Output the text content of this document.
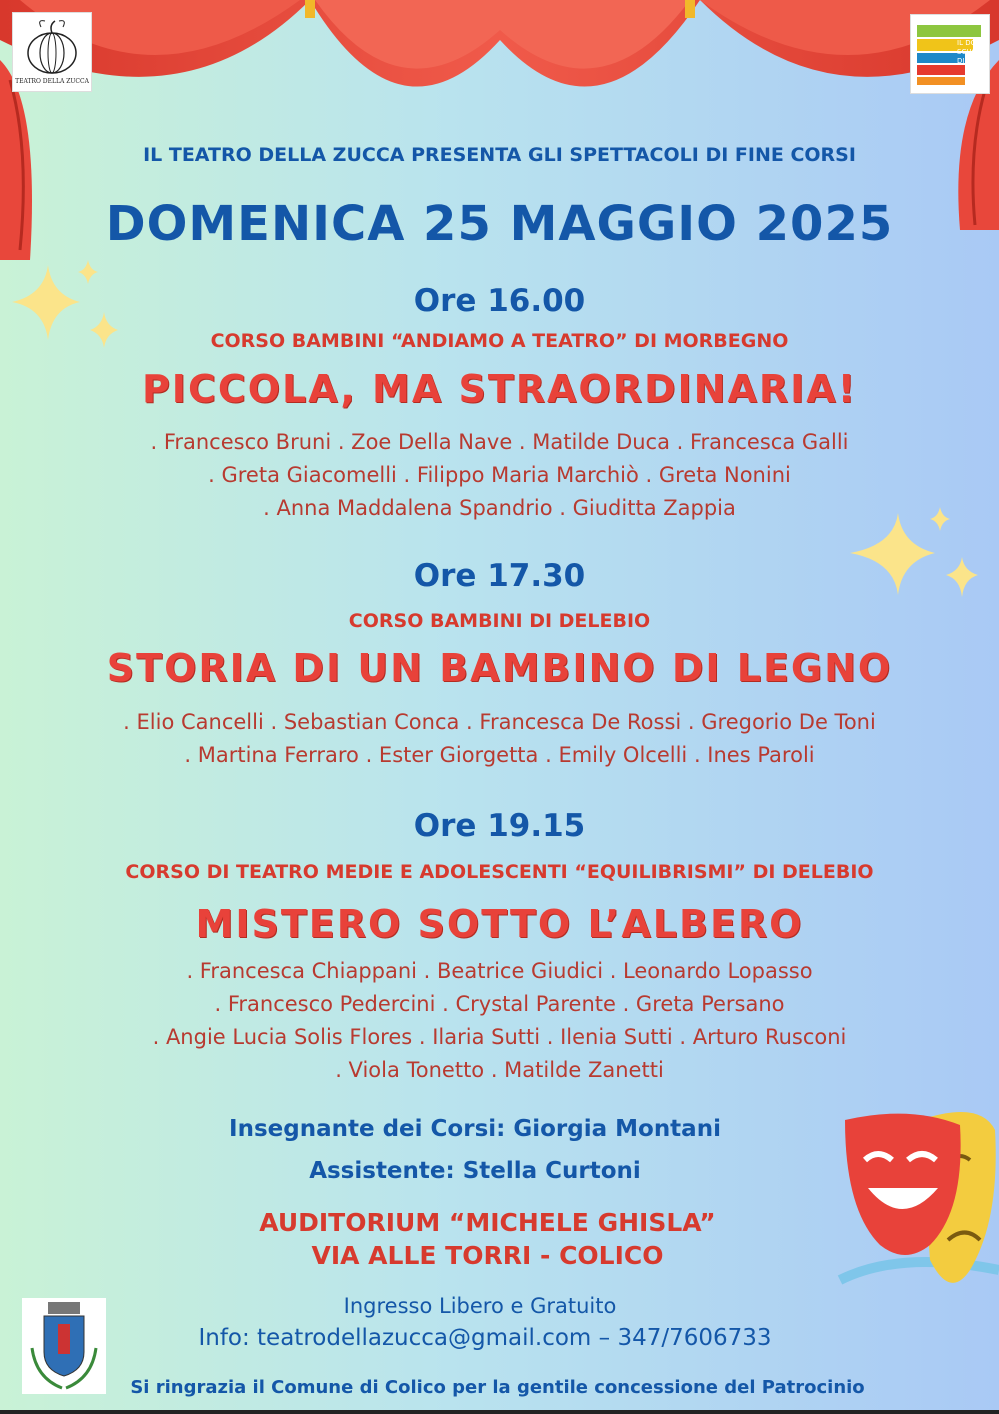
TEATRO DELLA ZUCCA
IL DOPO SCUOLA DI EVA
IL TEATRO DELLA ZUCCA PRESENTA GLI SPETTACOLI DI FINE CORSI
DOMENICA 25 MAGGIO 2025
Ore 16.00
CORSO BAMBINI “ANDIAMO A TEATRO” DI MORBEGNO
PICCOLA, MA STRAORDINARIA!
. Francesco Bruni . Zoe Della Nave . Matilde Duca . Francesca Galli
. Greta Giacomelli . Filippo Maria Marchiò . Greta Nonini
. Anna Maddalena Spandrio . Giuditta Zappia
Ore 17.30
CORSO BAMBINI DI DELEBIO
STORIA DI UN BAMBINO DI LEGNO
. Elio Cancelli . Sebastian Conca . Francesca De Rossi . Gregorio De Toni
. Martina Ferraro . Ester Giorgetta . Emily Olcelli . Ines Paroli
Ore 19.15
CORSO DI TEATRO MEDIE E ADOLESCENTI “EQUILIBRISMI” DI DELEBIO
MISTERO SOTTO L’ALBERO
. Francesca Chiappani . Beatrice Giudici . Leonardo Lopasso
. Francesco Pedercini . Crystal Parente . Greta Persano
. Angie Lucia Solis Flores . Ilaria Sutti . Ilenia Sutti . Arturo Rusconi
. Viola Tonetto . Matilde Zanetti
Insegnante dei Corsi: Giorgia Montani
Assistente: Stella Curtoni
AUDITORIUM “MICHELE GHISLA”
VIA ALLE TORRI - COLICO
Ingresso Libero e Gratuito
Info: teatrodellazucca@gmail.com – 347/7606733
Si ringrazia il Comune di Colico per la gentile concessione del Patrocinio
